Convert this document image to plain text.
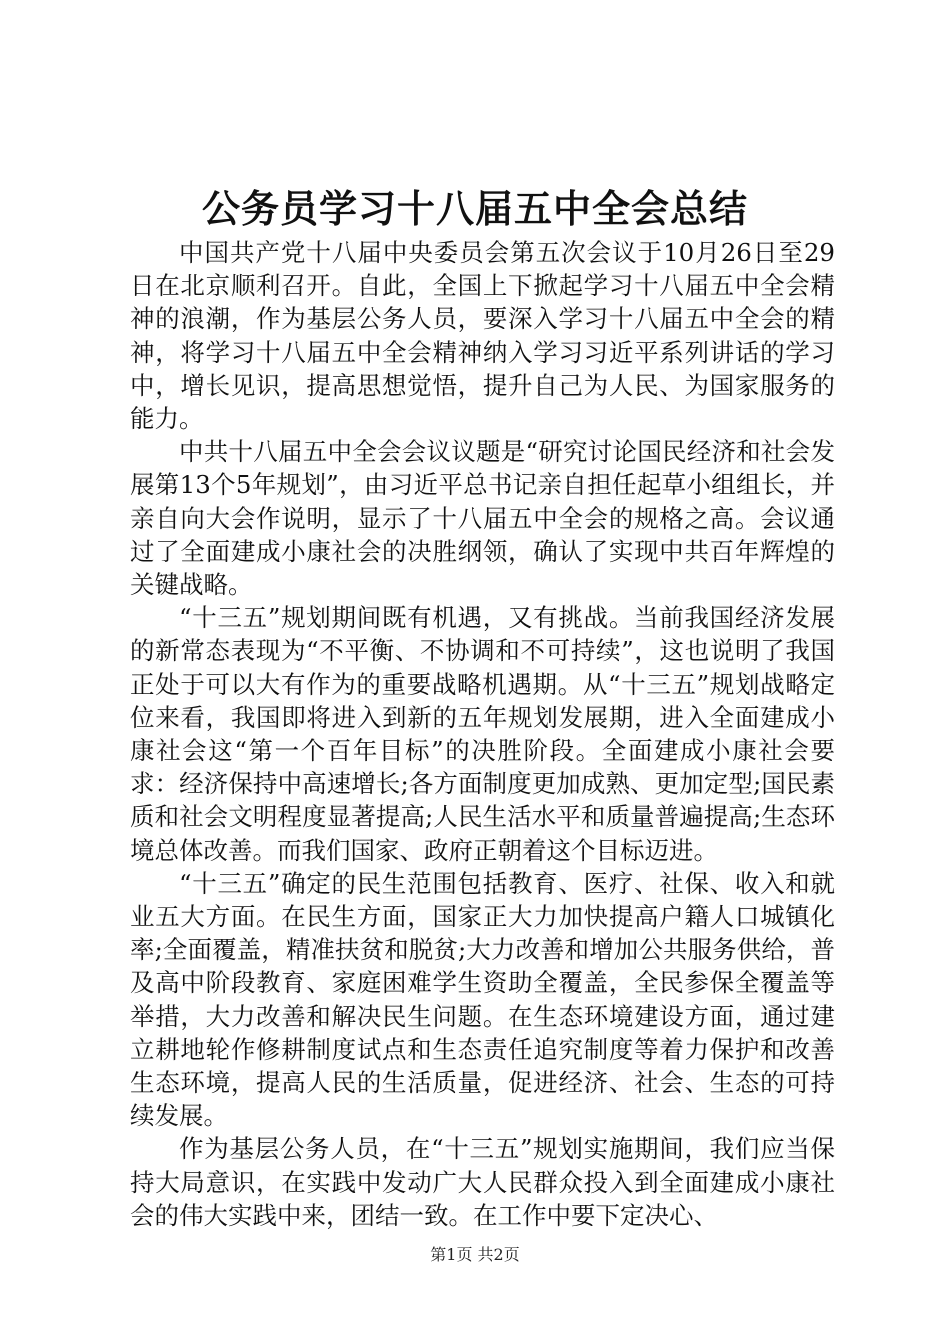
公务员学习十八届五中全会总结

中国共产党十八届中央委员会第五次会议于10月26日至29日在北京顺利召开。自此，全国上下掀起学习十八届五中全会精神的浪潮，作为基层公务人员，要深入学习十八届五中全会的精神，将学习十八届五中全会精神纳入学习习近平系列讲话的学习中，增长见识，提高思想觉悟，提升自己为人民、为国家服务的能力。

中共十八届五中全会会议议题是“研究讨论国民经济和社会发展第13个5年规划”，由习近平总书记亲自担任起草小组组长，并亲自向大会作说明，显示了十八届五中全会的规格之高。会议通过了全面建成小康社会的决胜纲领，确认了实现中共百年辉煌的关键战略。

“十三五”规划期间既有机遇，又有挑战。当前我国经济发展的新常态表现为“不平衡、不协调和不可持续”，这也说明了我国正处于可以大有作为的重要战略机遇期。从“十三五”规划战略定位来看，我国即将进入到新的五年规划发展期，进入全面建成小康社会这“第一个百年目标”的决胜阶段。全面建成小康社会要求：经济保持中高速增长;各方面制度更加成熟、更加定型;国民素质和社会文明程度显著提高;人民生活水平和质量普遍提高;生态环境总体改善。而我们国家、政府正朝着这个目标迈进。

“十三五”确定的民生范围包括教育、医疗、社保、收入和就业五大方面。在民生方面，国家正大力加快提高户籍人口城镇化率;全面覆盖，精准扶贫和脱贫;大力改善和增加公共服务供给，普及高中阶段教育、家庭困难学生资助全覆盖，全民参保全覆盖等举措，大力改善和解决民生问题。在生态环境建设方面，通过建立耕地轮作修耕制度试点和生态责任追究制度等着力保护和改善生态环境，提高人民的生活质量，促进经济、社会、生态的可持续发展。

作为基层公务人员，在“十三五”规划实施期间，我们应当保持大局意识，在实践中发动广大人民群众投入到全面建成小康社会的伟大实践中来，团结一致。在工作中要下定决心、

第1页 共2页
